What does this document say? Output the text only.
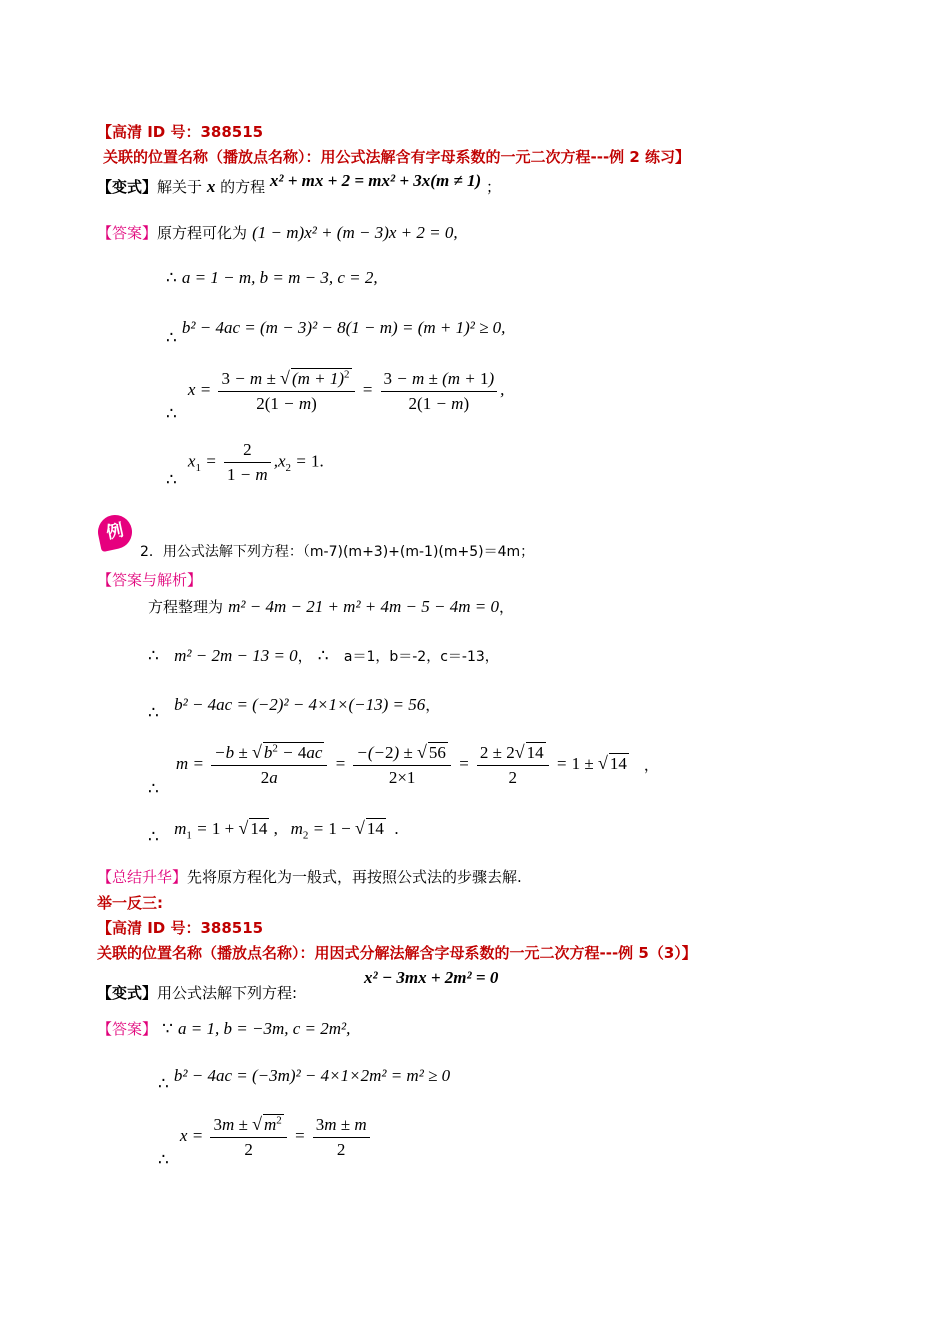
【高清 ID 号：388515
关联的位置名称（播放点名称）：用公式法解含有字母系数的一元二次方程---例 2 练习】
【变式】解关于 x 的方程 x² + mx + 2 = mx² + 3x(m ≠ 1) ；
【答案】原方程可化为 (1 − m)x² + (m − 3)x + 2 = 0,
∴ a = 1 − m, b = m − 3, c = 2,
∴ b² − 4ac = (m − 3)² − 8(1 − m) = (m + 1)² ≥ 0,
∴ $x = \frac{3 - m \pm √ (m + 1)^2}{2(1 - m)} = \frac{3 - m \pm (m + 1)}{2(1 - m)}$ ,
∴ $x_1 = \frac{2}{1 - m} ,x_2 = 1$.
例
2．用公式法解下列方程：（m-7)(m+3)+(m-1)(m+5)＝4m；
【答案与解析】
方程整理为 m² − 4m − 21 + m² + 4m − 5 − 4m = 0，
∴ m² − 2m − 13 = 0， ∴ a＝1，b＝-2，c＝-13，
∴ b² − 4ac = (−2)² − 4×1×(−13) = 56，
∴ $m = \frac{-b \pm √ b^2 - 4ac}{2a} = \frac{-(-2) \pm √ 56}{2\times 1} = \frac{2 \pm 2√ 14}{2} = 1$ ± √ 14 ，
∴ $m_1 = 1$ + √ 14 ,   $m_2 = 1$ − √ 14 .
【总结升华】先将原方程化为一般式，再按照公式法的步骤去解.
举一反三:
【高清 ID 号：388515
关联的位置名称（播放点名称）：用因式分解法解含字母系数的一元二次方程---例 5（3）】
【变式】用公式法解下列方程:
x² − 3mx + 2m² = 0
【答案】 ∵ a = 1, b = −3m, c = 2m²,
∴ b² − 4ac = (−3m)² − 4×1×2m² = m² ≥ 0
∴ $x = \frac{3m \pm √ m^2}{2} = \frac{3m \pm m}{2}$
